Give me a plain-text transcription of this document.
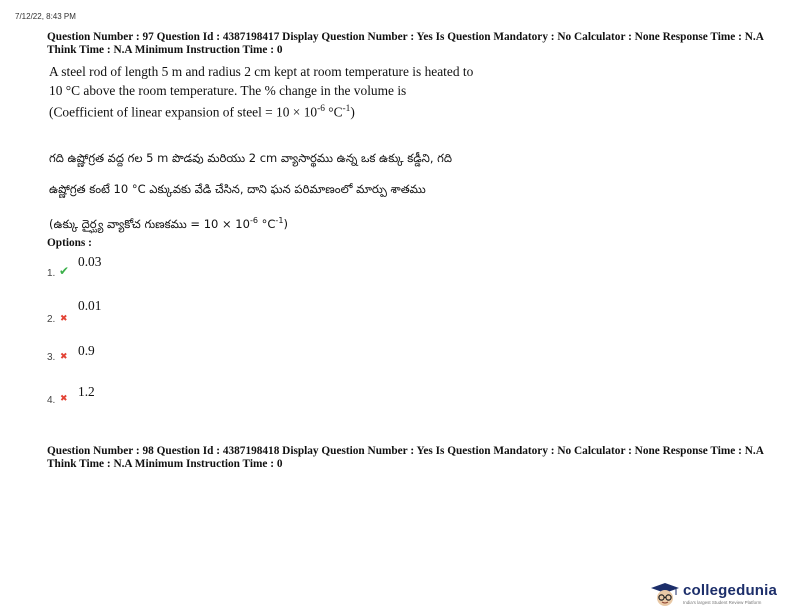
7/12/22, 8:43 PM
Question Number : 97 Question Id : 4387198417 Display Question Number : Yes Is Question Mandatory : No Calculator : None Response Time : N.A Think Time : N.A Minimum Instruction Time : 0
A steel rod of length 5 m and radius 2 cm kept at room temperature is heated to
10 °C above the room temperature. The % change in the volume is
(Coefficient of linear expansion of steel = $10 \times 10^{-6}$ $^\circ C^{-1}$)
గది ఉష్ణోగ్రత వద్ద గల 5 m పొడవు మరియు 2 cm వ్యాసార్థము ఉన్న ఒక ఉక్కు కడ్డీని, గది
ఉష్ణోగ్రత కంటే 10 °C ఎక్కువకు వేడి చేసిన, దాని ఘన పరిమాణంలో మార్పు శాతము
(ఉక్కు దైర్ఘ్య వ్యాకోచ గుణకము = $10 \times 10^{-6}$ $^\circ C^{-1}$)
Options :
0.03
1. ✔
0.01
2. ✖
0.9
3. ✖
1.2
4. ✖
Question Number : 98 Question Id : 4387198418 Display Question Number : Yes Is Question Mandatory : No Calculator : None Response Time : N.A Think Time : N.A Minimum Instruction Time : 0
collegedunia
India's largest Student Review Platform
